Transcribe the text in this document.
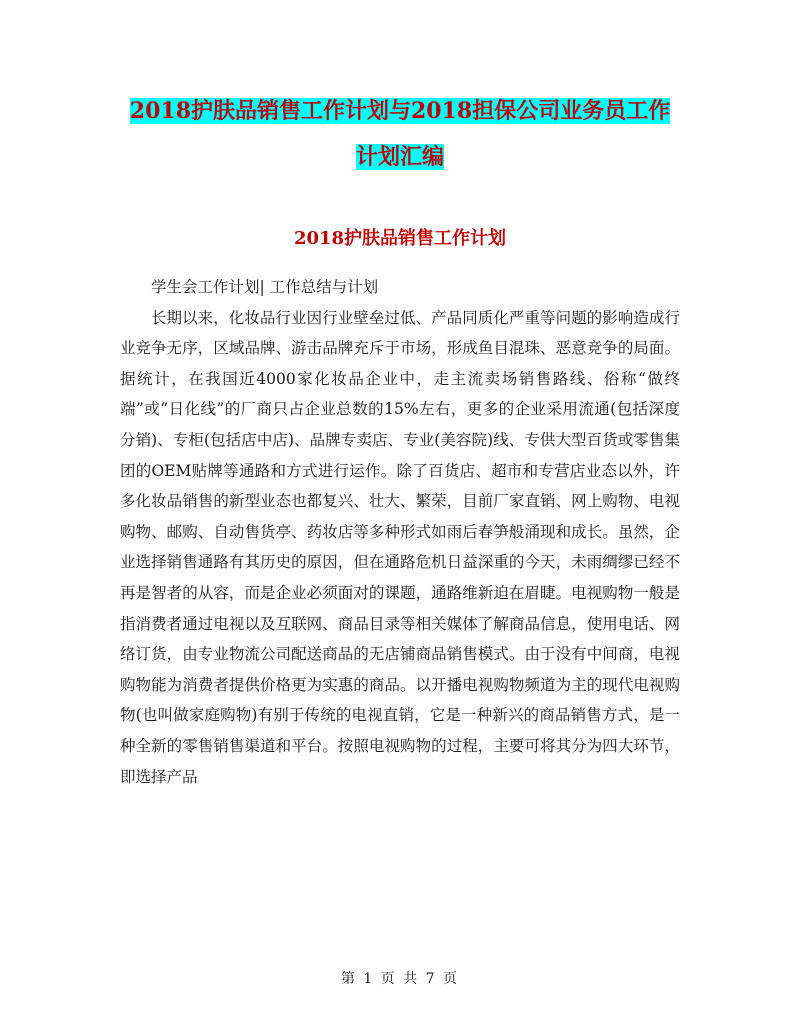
2018护肤品销售工作计划与2018担保公司业务员工作
计划汇编
2018护肤品销售工作计划

学生会工作计划| 工作总结与计划

长期以来，化妆品行业因行业壁垒过低、产品同质化严重等问题的影响造成行业竞争无序，区域品牌、游击品牌充斥于市场，形成鱼目混珠、恶意竞争的局面。据统计，在我国近4000家化妆品企业中，走主流卖场销售路线、俗称“做终端”或“日化线”的厂商只占企业总数的15%左右，更多的企业采用流通(包括深度分销)、专柜(包括店中店)、品牌专卖店、专业(美容院)线、专供大型百货或零售集团的OEM贴牌等通路和方式进行运作。除了百货店、超市和专营店业态以外，许多化妆品销售的新型业态也都复兴、壮大、繁荣，目前厂家直销、网上购物、电视购物、邮购、自动售货亭、药妆店等多种形式如雨后春笋般涌现和成长。虽然，企业选择销售通路有其历史的原因，但在通路危机日益深重的今天，未雨绸缪已经不再是智者的从容，而是企业必须面对的课题，通路维新迫在眉睫。电视购物一般是指消费者通过电视以及互联网、商品目录等相关媒体了解商品信息，使用电话、网络订货，由专业物流公司配送商品的无店铺商品销售模式。由于没有中间商，电视购物能为消费者提供价格更为实惠的商品。以开播电视购物频道为主的现代电视购物(也叫做家庭购物)有别于传统的电视直销，它是一种新兴的商品销售方式，是一种全新的零售销售渠道和平台。按照电视购物的过程，主要可将其分为四大环节，即选择产品

第 1 页 共 7 页
